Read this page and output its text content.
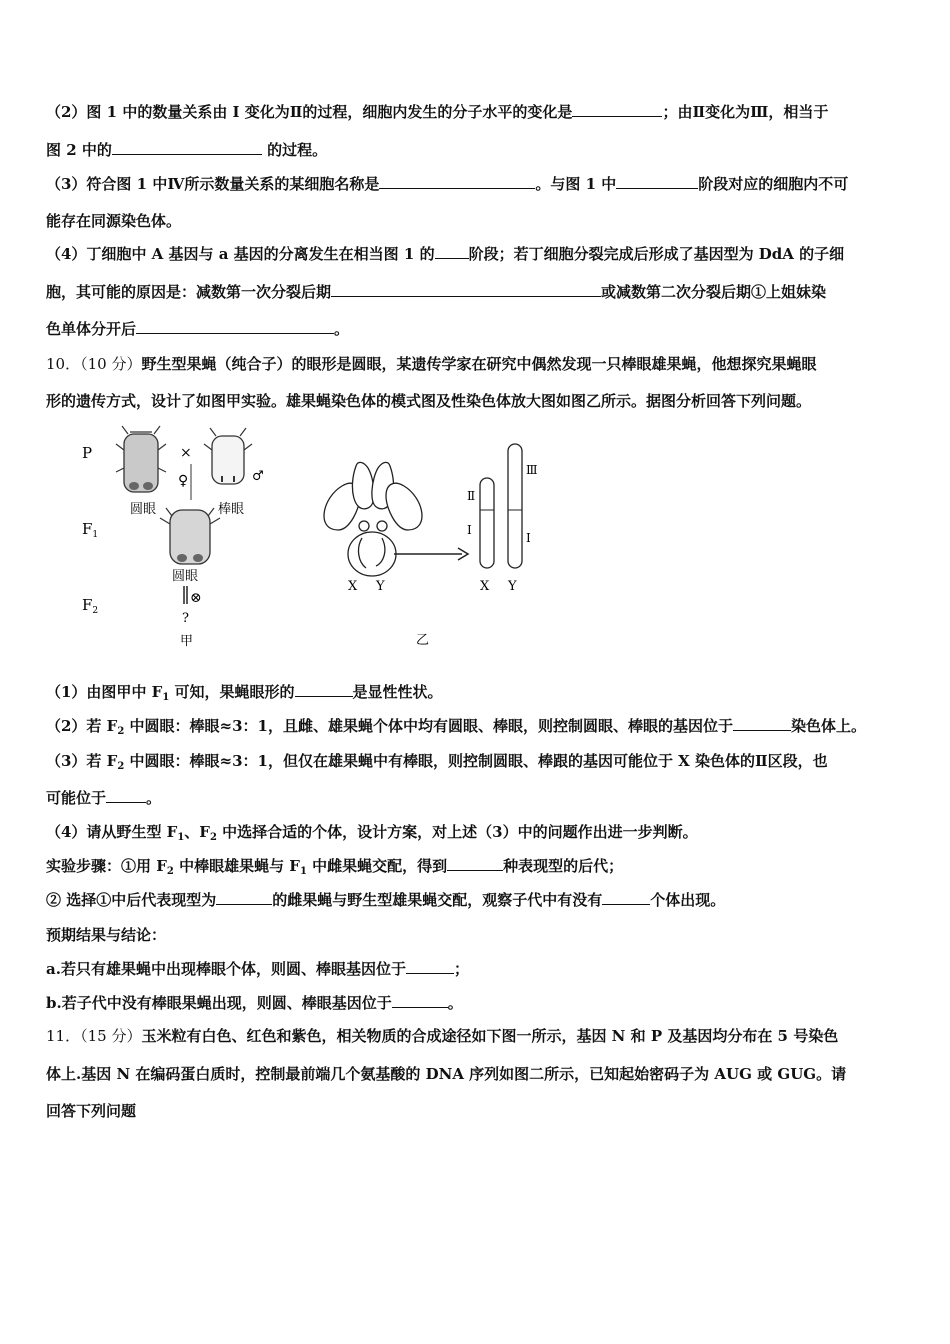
（2）图 1 中的数量关系由 I 变化为Ⅱ的过程，细胞内发生的分子水平的变化是	；由Ⅱ变化为Ⅲ，相当于
图 2 中的	的过程。
（3）符合图 1 中Ⅳ所示数量关系的某细胞名称是	。与图 1 中	阶段对应的细胞内不可
能存在同源染色体。
（4）丁细胞中 A 基因与 a 基因的分离发生在相当图 1 的 阶段；若丁细胞分裂完成后形成了基因型为 DdA 的子细
胞，其可能的原因是：减数第一次分裂后期	或减数第二次分裂后期①上姐妹染
色单体分开后	。
10．（10 分）野生型果蝇（纯合子）的眼形是圆眼，某遗传学家在研究中偶然发现一只棒眼雄果蝇，他想探究果蝇眼
形的遗传方式，设计了如图甲实验。雄果蝇染色体的模式图及性染色体放大图如图乙所示。据图分析回答下列问题。
P
$F_1$
$F_2$
×
♀
圆眼
♂
棒眼
圆眼
⊗
?
甲
X Y
Ⅱ
I
Ⅲ
I
X Y
乙
（1）由图甲中 $F_1$ 可知，果蝇眼形的	是显性性状。
（2）若 $F_2$ 中圆眼：棒眼≈3：1，且雌、雄果蝇个体中均有圆眼、棒眼，则控制圆眼、棒眼的基因位于	染色体上。
（3）若 $F_2$ 中圆眼：棒眼≈3：1，但仅在雄果蝇中有棒眼，则控制圆眼、棒跟的基因可能位于 X 染色体的Ⅱ区段，也
可能位于	。
（4）请从野生型 $F_1$、$F_2$ 中选择合适的个体，设计方案，对上述（3）中的问题作出进一步判断。
实验步骤：①用 $F_2$ 中棒眼雄果蝇与 $F_1$ 中雌果蝇交配，得到	种表现型的后代；
② 选择①中后代表现型为	的雌果蝇与野生型雄果蝇交配，观察子代中有没有	个体出现。
预期结果与结论：
a.若只有雄果蝇中出现棒眼个体，则圆、棒眼基因位于	；
b.若子代中没有棒眼果蝇出现，则圆、棒眼基因位于	。
11．（15 分）玉米粒有白色、红色和紫色，相关物质的合成途径如下图一所示，基因 N 和 P 及基因均分布在 5 号染色
体上.基因 N 在编码蛋白质时，控制最前端几个氨基酸的 DNA 序列如图二所示，已知起始密码子为 AUG 或 GUG。请
回答下列问题
